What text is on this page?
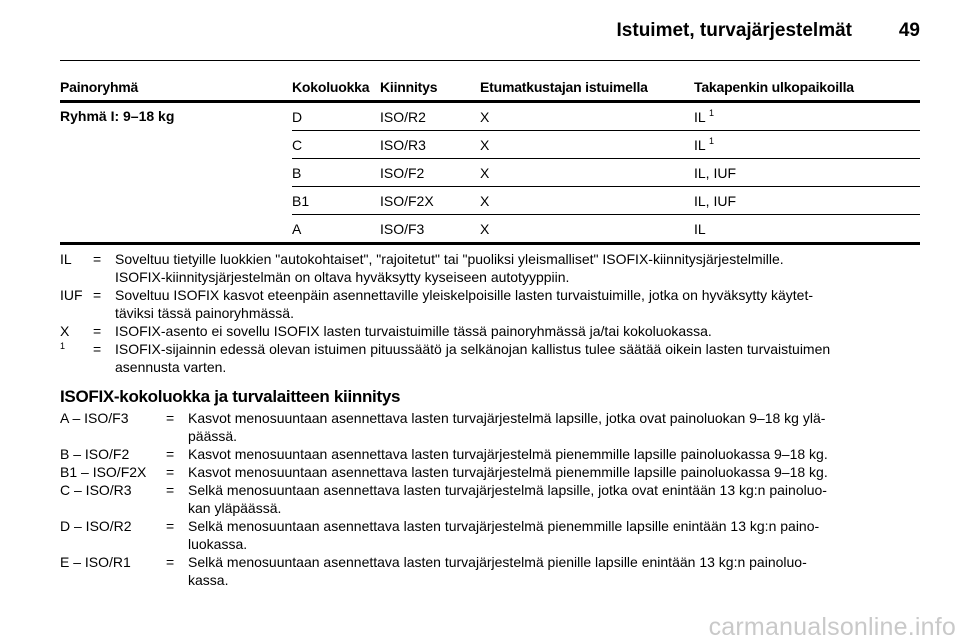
Istuimet, turvajärjestelmät 49
Painoryhmä	Kokoluokka	Kiinnitys	Etumatkustajan istuimella	Takapenkin ulkopaikoilla
Ryhmä I: 9–18 kg	D	ISO/R2	X	IL $^1$
	C	ISO/R3	X	IL $^1$
	B	ISO/F2	X	IL, IUF
	B1	ISO/F2X	X	IL, IUF
	A	ISO/F3	X	IL
IL	= Soveltuu tietyille luokkien "autokohtaiset", "rajoitetut" tai "puoliksi yleismalliset" ISOFIX-kiinnitysjärjestelmille.
ISOFIX-kiinnitysjärjestelmän on oltava hyväksytty kyseiseen autotyyppiin.
IUF = Soveltuu ISOFIX kasvot eteenpäin asennettaville yleiskelpoisille lasten turvaistuimille, jotka on hyväksytty käytet-
täviksi tässä painoryhmässä.
X	= ISOFIX-asento ei sovellu ISOFIX lasten turvaistuimille tässä painoryhmässä ja/tai kokoluokassa.
$^1$	= ISOFIX-sijainnin edessä olevan istuimen pituussäätö ja selkänojan kallistus tulee säätää oikein lasten turvaistuimen
asennusta varten.
ISOFIX-kokoluokka ja turvalaitteen kiinnitys
A – ISO/F3	= Kasvot menosuuntaan asennettava lasten turvajärjestelmä lapsille, jotka ovat painoluokan 9–18 kg ylä-
päässä.
B – ISO/F2	= Kasvot menosuuntaan asennettava lasten turvajärjestelmä pienemmille lapsille painoluokassa 9–18 kg.
B1 – ISO/F2X	= Kasvot menosuuntaan asennettava lasten turvajärjestelmä pienemmille lapsille painoluokassa 9–18 kg.
C – ISO/R3	= Selkä menosuuntaan asennettava lasten turvajärjestelmä lapsille, jotka ovat enintään 13 kg:n painoluo-
kan yläpäässä.
D – ISO/R2	= Selkä menosuuntaan asennettava lasten turvajärjestelmä pienemmille lapsille enintään 13 kg:n paino-
luokassa.
E – ISO/R1	= Selkä menosuuntaan asennettava lasten turvajärjestelmä pienille lapsille enintään 13 kg:n painoluo-
kassa.
carmanualsonline.info
